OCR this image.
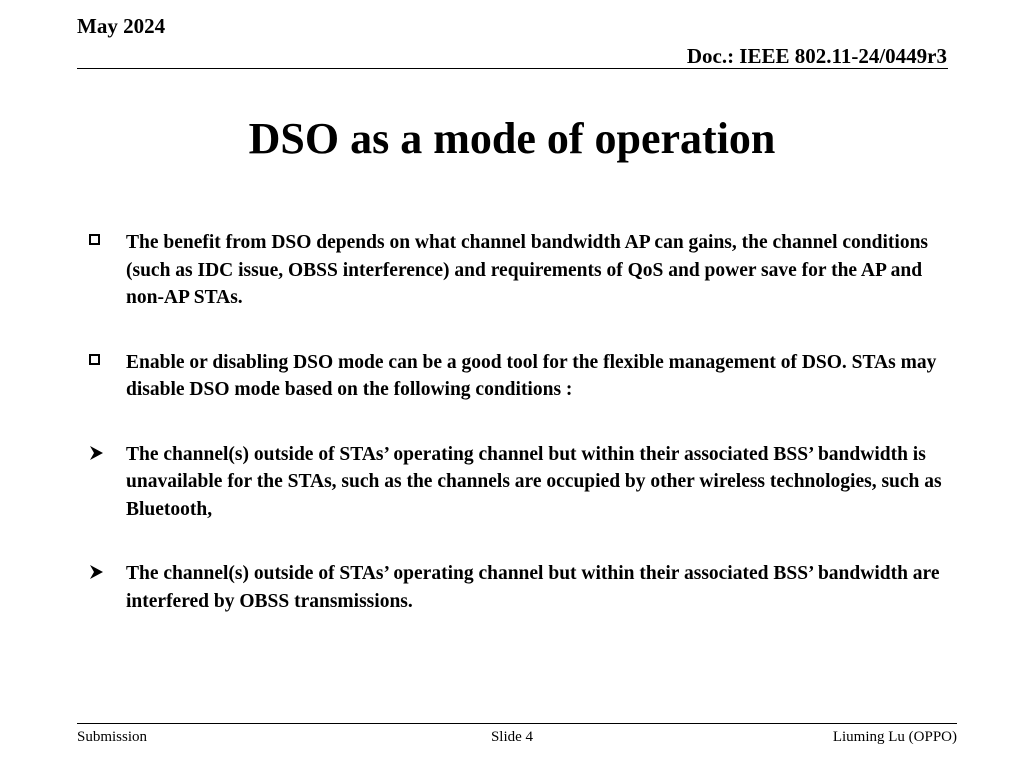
May 2024
Doc.: IEEE 802.11-24/0449r3
DSO as a mode of operation
The benefit from DSO depends on what channel bandwidth AP can gains, the channel conditions (such as IDC issue, OBSS interference) and requirements of QoS and power save for the AP and non-AP STAs.
Enable or disabling DSO mode can be a good tool for the flexible management of DSO. STAs may disable DSO mode based on the following conditions :
The channel(s) outside of STAs’ operating channel but within their associated BSS’ bandwidth is unavailable for the STAs, such as the channels are occupied by other wireless technologies, such as Bluetooth,
The channel(s) outside of STAs’ operating channel but within their associated BSS’ bandwidth are interfered by OBSS transmissions.
Submission	Slide 4	Liuming Lu (OPPO)
